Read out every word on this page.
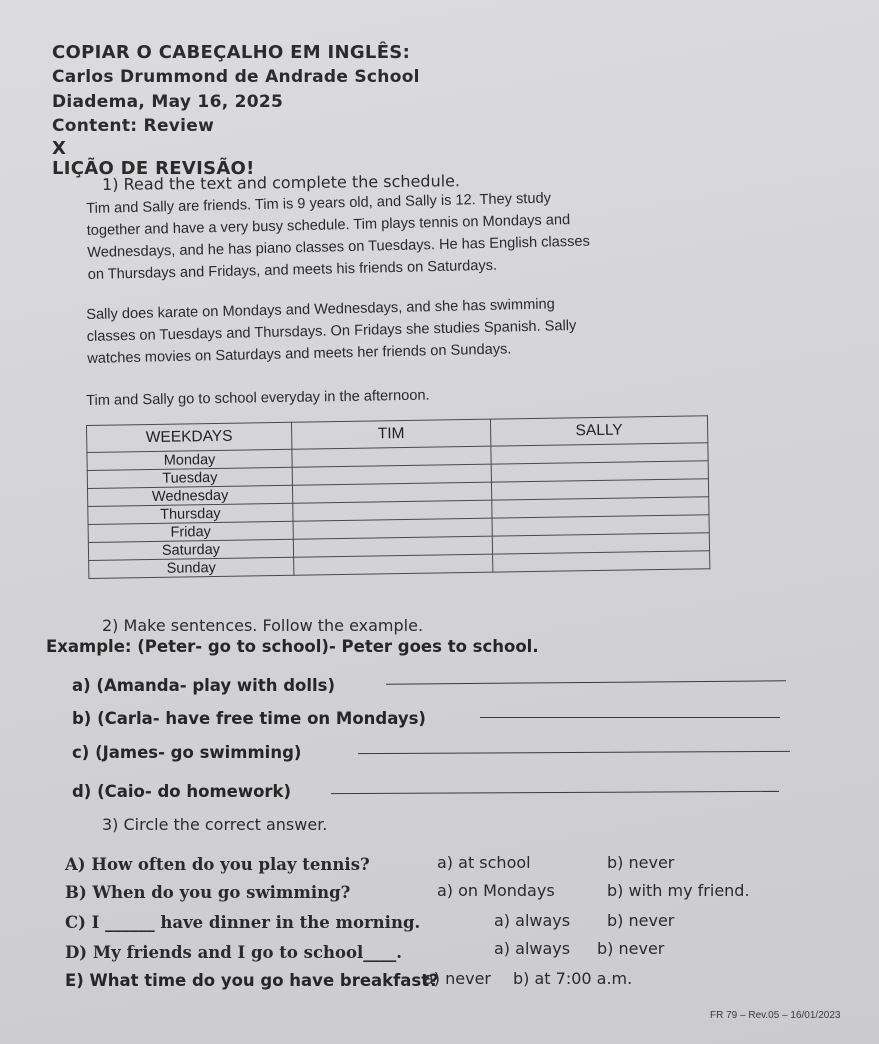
COPIAR O CABEÇALHO EM INGLÊS:
Carlos Drummond de Andrade School
Diadema, May 16, 2025
Content: Review
X
LIÇÃO DE REVISÃO!
1) Read the text and complete the schedule.
Tim and Sally are friends. Tim is 9 years old, and Sally is 12. They study
together and have a very busy schedule. Tim plays tennis on Mondays and
Wednesdays, and he has piano classes on Tuesdays. He has English classes
on Thursdays and Fridays, and meets his friends on Saturdays.
Sally does karate on Mondays and Wednesdays, and she has swimming
classes on Tuesdays and Thursdays. On Fridays she studies Spanish. Sally
watches movies on Saturdays and meets her friends on Sundays.
Tim and Sally go to school everyday in the afternoon.
WEEKDAYS	TIM	SALLY
Monday		
Tuesday		
Wednesday		
Thursday		
Friday		
Saturday		
Sunday		
2) Make sentences. Follow the example.
Example: (Peter- go to school)- Peter goes to school.
a) (Amanda- play with dolls)
b) (Carla- have free time on Mondays)
c) (James- go swimming)
d) (Caio- do homework)
3) Circle the correct answer.
A) How often do you play tennis?	a) at school	b) never
B) When do you go swimming?	a) on Mondays	b) with my friend.
C) I ______ have dinner in the morning.	a) always b) never
D) My friends and I go to school____.	a) always b) never
E) What time do you go have breakfast?
a) never b) at 7:00 a.m.
FR 79 – Rev.05 – 16/01/2023
